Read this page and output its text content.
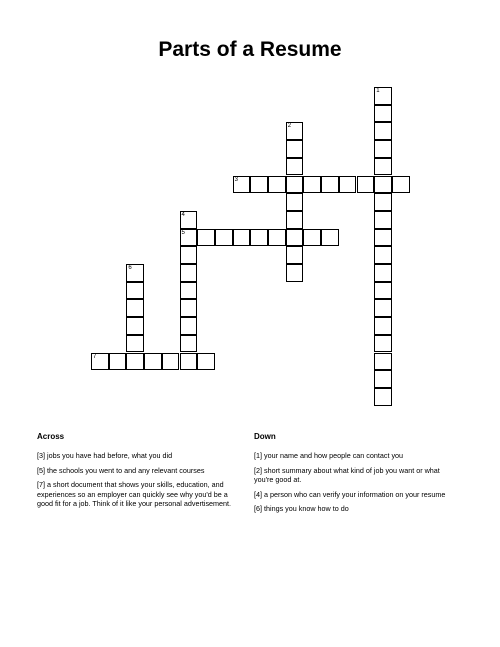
Parts of a Resume
1
2
3
4
5
6
7
Across	Down
[3] jobs you have had before, what you did
[5] the schools you went to and any relevant courses
[7] a short document that shows your skills, education, and experiences so an employer can quickly see why you'd be a good fit for a job. Think of it like your personal advertisement.
[1] your name and how people can contact you
[2] short summary about what kind of job you want or what you're good at.
[4] a person who can verify your information on your resume
[6] things you know how to do
